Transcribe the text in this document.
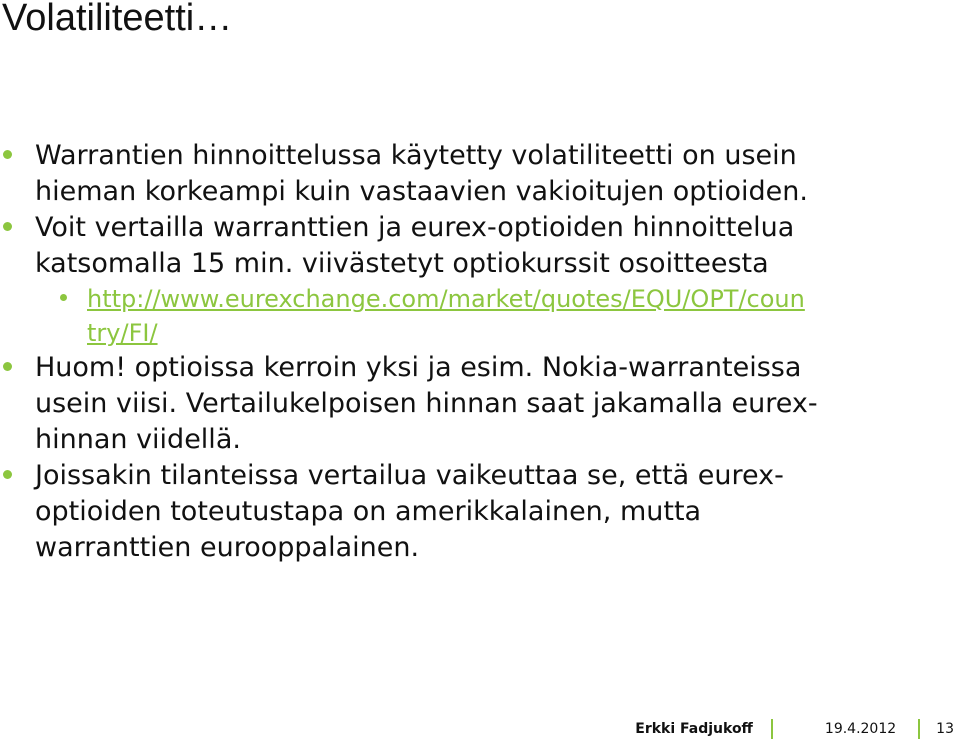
Volatiliteetti…
Warrantien hinnoittelussa käytetty volatiliteetti on usein
hieman korkeampi kuin vastaavien vakioitujen optioiden.
Voit vertailla warranttien ja eurex-optioiden hinnoittelua
katsomalla 15 min. viivästetyt optiokurssit osoitteesta
http://www.eurexchange.com/market/quotes/EQU/OPT/coun
try/FI/
Huom! optioissa kerroin yksi ja esim. Nokia-warranteissa
usein viisi. Vertailukelpoisen hinnan saat jakamalla eurex-
hinnan viidellä.
Joissakin tilanteissa vertailua vaikeuttaa se, että eurex-
optioiden toteutustapa on amerikkalainen, mutta
warranttien eurooppalainen.
Erkki Fadjukoff	19.4.2012	13
